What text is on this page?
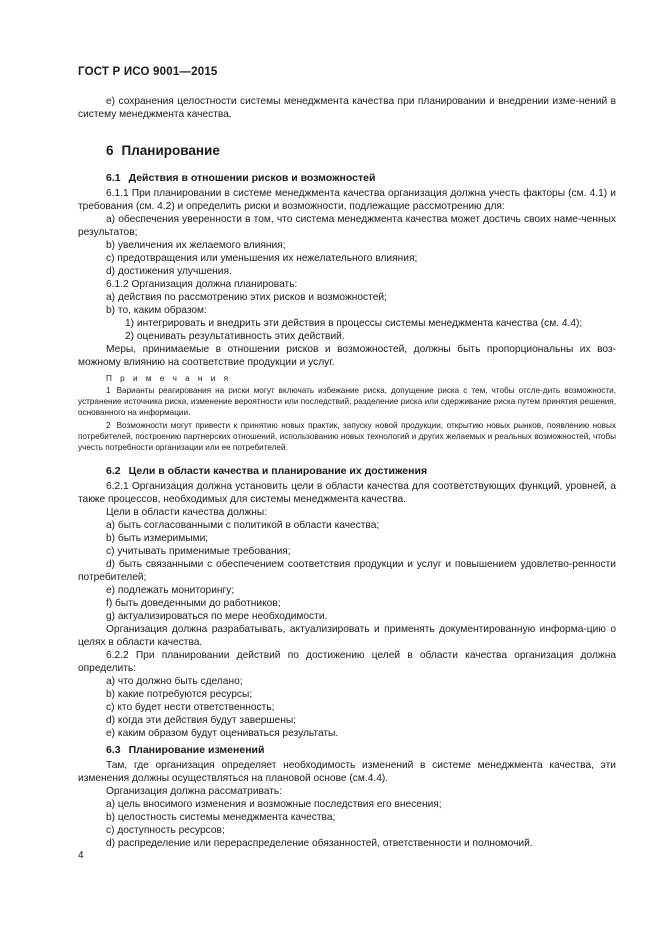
ГОСТ Р ИСО 9001—2015

e) сохранения целостности системы менеджмента качества при планировании и внедрении изме-нений в систему менеджмента качества.

6 Планирование
6.1 Действия в отношении рисков и возможностей

6.1.1 При планировании в системе менеджмента качества организация должна учесть факторы (см. 4.1) и требования (см. 4.2) и определить риски и возможности, подлежащие рассмотрению для:

a) обеспечения уверенности в том, что система менеджмента качества может достичь своих наме-ченных результатов;

b) увеличения их желаемого влияния;

c) предотвращения или уменьшения их нежелательного влияния;

d) достижения улучшения.

6.1.2 Организация должна планировать:

a) действия по рассмотрению этих рисков и возможностей;

b) то, каким образом:

1) интегрировать и внедрить эти действия в процессы системы менеджмента качества (см. 4.4);

2) оценивать результативность этих действий.

Меры, принимаемые в отношении рисков и возможностей, должны быть пропорциональны их воз-можному влиянию на соответствие продукции и услуг.

П р и м е ч а н и я

1 Варианты реагирования на риски могут включать избежание риска, допущение риска с тем, чтобы отсле-дить возможности, устранение источника риска, изменение вероятности или последствий, разделение риска или сдерживание риска путем принятия решения, основанного на информации.

2 Возможности могут привести к принятию новых практик, запуску новой продукции, открытию новых рынков, появлению новых потребителей, построению партнерских отношений, использованию новых технологий и других желаемых и реальных возможностей, чтобы учесть потребности организации или ее потребителей.

6.2 Цели в области качества и планирование их достижения

6.2.1 Организация должна установить цели в области качества для соответствующих функций, уровней, а также процессов, необходимых для системы менеджмента качества.

Цели в области качества должны:

a) быть согласованными с политикой в области качества;

b) быть измеримыми;

c) учитывать применимые требования;

d) быть связанными с обеспечением соответствия продукции и услуг и повышением удовлетво-ренности потребителей;

e) подлежать мониторингу;

f) быть доведенными до работников;

g) актуализироваться по мере необходимости.

Организация должна разрабатывать, актуализировать и применять документированную информа-цию о целях в области качества.

6.2.2 При планировании действий по достижению целей в области качества организация должна определить:

a) что должно быть сделано;

b) какие потребуются ресурсы;

c) кто будет нести ответственность;

d) когда эти действия будут завершены;

e) каким образом будут оцениваться результаты.

6.3 Планирование изменений

Там, где организация определяет необходимость изменений в системе менеджмента качества, эти изменения должны осуществляться на плановой основе (см.4.4).

Организация должна рассматривать:

a) цель вносимого изменения и возможные последствия его внесения;

b) целостность системы менеджмента качества;

c) доступность ресурсов;

d) распределение или перераспределение обязанностей, ответственности и полномочий.

4
